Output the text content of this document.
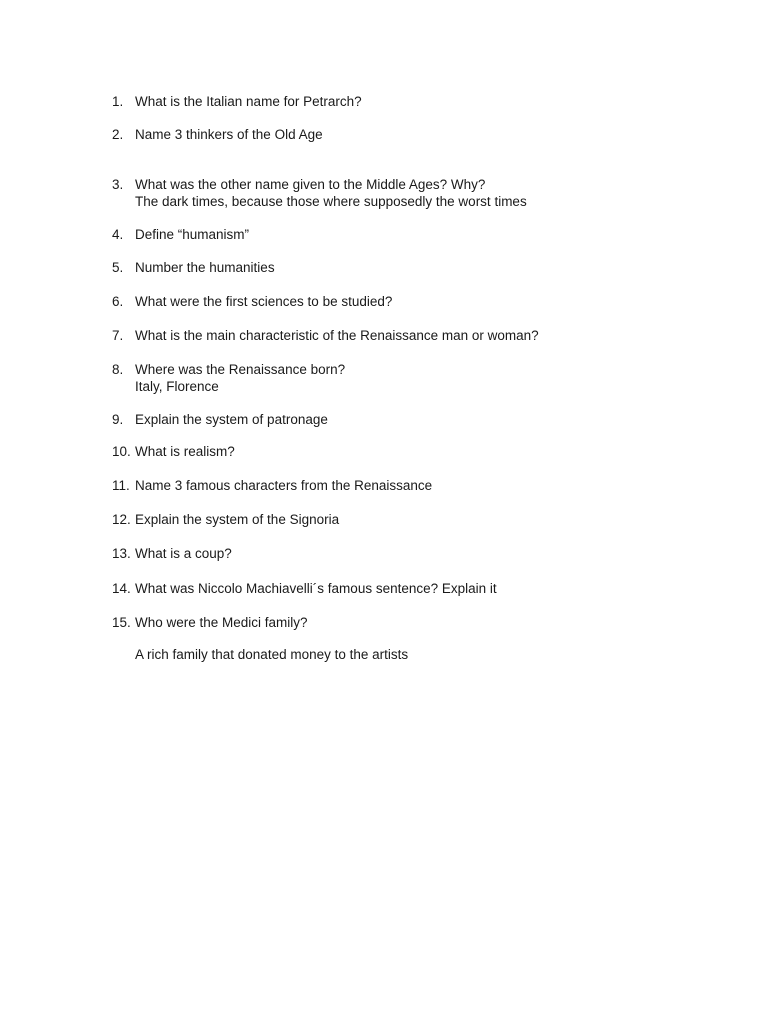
1. What is the Italian name for Petrarch?
2. Name 3 thinkers of the Old Age
3. What was the other name given to the Middle Ages? Why?
The dark times, because those where supposedly the worst times
4. Define “humanism”
5. Number the humanities
6. What were the first sciences to be studied?
7. What is the main characteristic of the Renaissance man or woman?
8. Where was the Renaissance born?
Italy, Florence
9. Explain the system of patronage
10. What is realism?
11. Name 3 famous characters from the Renaissance
12. Explain the system of the Signoria
13. What is a coup?
14. What was Niccolo Machiavelli´s famous sentence? Explain it
15. Who were the Medici family?
A rich family that donated money to the artists
